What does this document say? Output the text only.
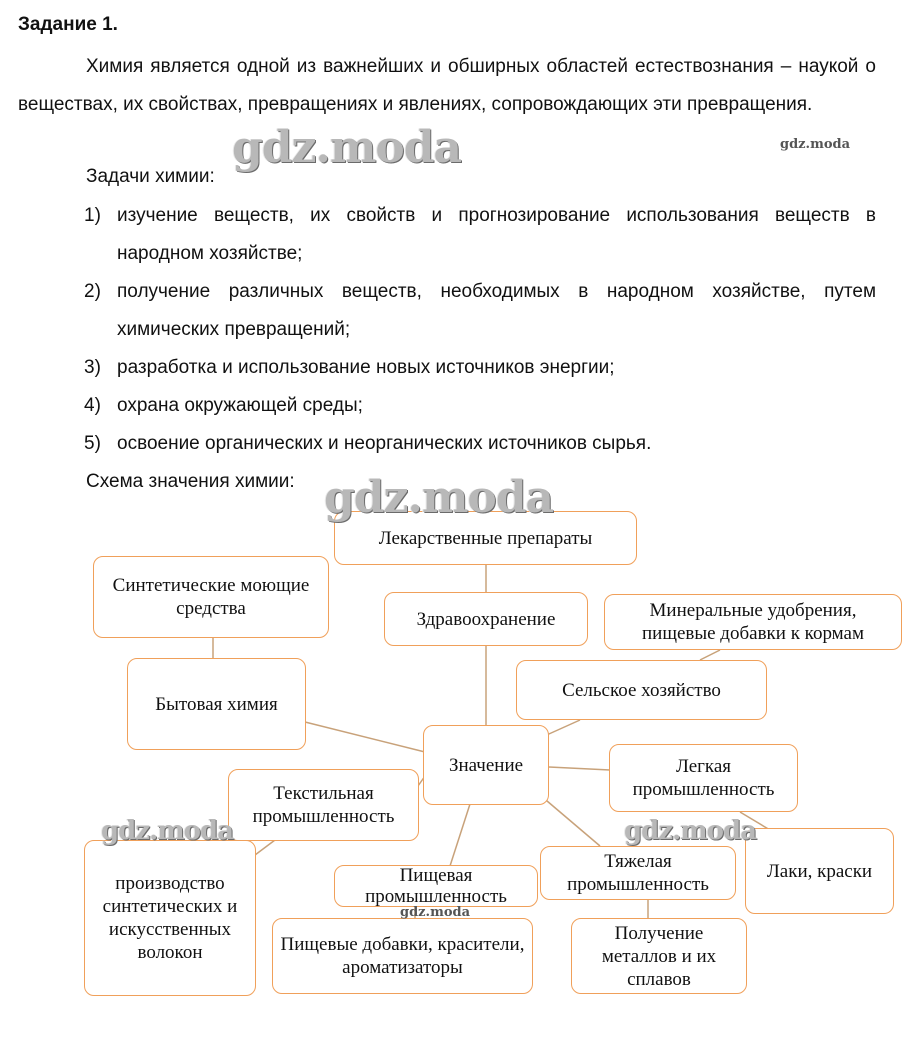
Задание 1.

Химия является одной из важнейших и обширных областей естествознания – наукой о веществах, их свойствах, превращениях и явлениях, сопровождающих эти превращения.

Задачи химии:
1) изучение веществ, их свойств и прогнозирование использования веществ в народном хозяйстве;
2) получение различных веществ, необходимых в народном хозяйстве, путем химических превращений;
3) разработка и использование новых источников энергии;
4) охрана окружающей среды;
5) освоение органических и неорганических источников сырья.
Схема значения химии:
Лекарственные препараты
Здравоохранение
Синтетические моющие средства
Бытовая химия
Минеральные удобрения, пищевые добавки к кормам
Сельское хозяйство
Значение	Легкая промышленность
Лаки, краски
Текстильная промышленность
производство синтетических и искусственных волокон
Пищевая промышленность
Тяжелая промышленность
Пищевые добавки, красители, ароматизаторы
Получение металлов и их сплавов
gdz.moda	gdz.moda
gdz.moda
gdz.moda	gdz.moda
gdz.moda
